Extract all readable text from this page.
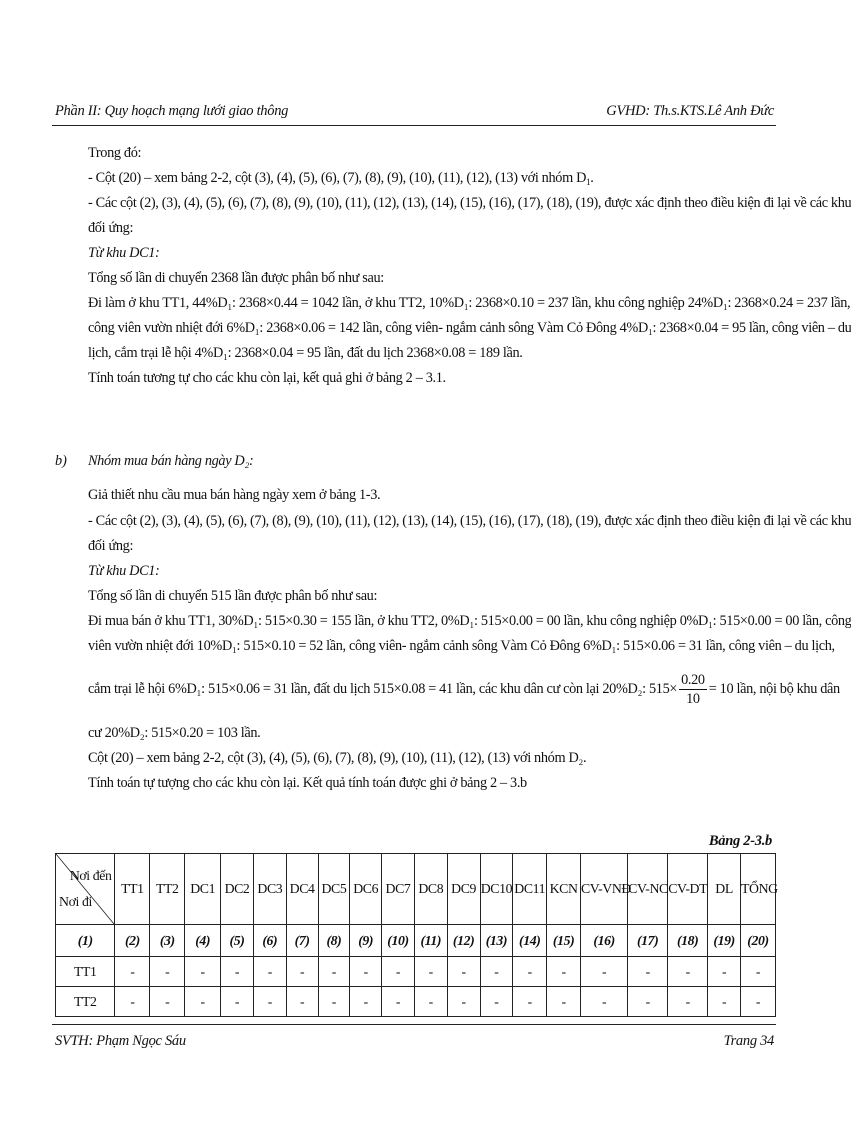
Phần II: Quy hoạch mạng lưới giao thông	GVHD: Th.s.KTS.Lê Anh Đức
Trong đó:
- Cột (20) – xem bảng 2-2, cột (3), (4), (5), (6), (7), (8), (9), (10), (11), (12), (13) với nhóm $D_1$.
- Các cột (2), (3), (4), (5), (6), (7), (8), (9), (10), (11), (12), (13), (14), (15), (16), (17), (18), (19), được xác định theo điều kiện đi lại về các khu
đối ứng:
Từ khu DC1:
Tổng số lần di chuyển 2368 lần được phân bố như sau:
Đi làm ở khu TT1, 44%D₁: 2368×0.44 = 1042 lần, ở khu TT2, 10%D₁: 2368×0.10 = 237 lần, khu công nghiệp 24%D₁: 2368×0.24 = 237 lần,
công viên vườn nhiệt đới 6%D₁: 2368×0.06 = 142 lần, công viên- ngắm cảnh sông Vàm Cỏ Đông 4%D₁: 2368×0.04 = 95 lần, công viên – du
lịch, cắm trại lễ hội 4%D₁: 2368×0.04 = 95 lần, đất du lịch 2368×0.08 = 189 lần.
Tính toán tương tự cho các khu còn lại, kết quả ghi ở bảng 2 – 3.1.
Nhóm mua bán hàng ngày D₂:
Giả thiết nhu cầu mua bán hàng ngày xem ở bảng 1-3.
- Các cột (2), (3), (4), (5), (6), (7), (8), (9), (10), (11), (12), (13), (14), (15), (16), (17), (18), (19), được xác định theo điều kiện đi lại về các khu
đối ứng:
Từ khu DC1:
Tổng số lần di chuyển 515 lần được phân bố như sau:
Đi mua bán ở khu TT1, 30%D₁: 515×0.30 = 155 lần, ở khu TT2, 0%D₁: 515×0.00 = 00 lần, khu công nghiệp 0%D₁: 515×0.00 = 00 lần, công
viên vườn nhiệt đới 10%D₁: 515×0.10 = 52 lần, công viên- ngắm cảnh sông Vàm Cỏ Đông 6%D₁: 515×0.06 = 31 lần, công viên – du lịch,
cắm trại lễ hội 6%D₁: 515×0.06 = 31 lần, đất du lịch 515×0.08 = 41 lần, các khu dân cư còn lại 20%D₂: $515\times \frac{0.20}{10} = 10$ lần, nội bộ khu dân
cư 20%D₂: 515×0.20 = 103 lần.
Cột (20) – xem bảng 2-2, cột (3), (4), (5), (6), (7), (8), (9), (10), (11), (12), (13) với nhóm D₂.
Tính toán tự tượng cho các khu còn lại. Kết quả tính toán được ghi ở bảng 2 – 3.b
b)
Bảng 2-3.b
Nơi đến
Nơi đi	TT1	TT2	DC1	DC2	DC3	DC4	DC5	DC6	DC7	DC8	DC9	DC10	DC11	KCN	CV-VNĐ	CV-NC	CV-DT	DL	TỔNG
(1)	(2)	(3)	(4)	(5)	(6)	(7)	(8)	(9)	(10)	(11)	(12)	(13)	(14)	(15)	(16)	(17)	(18)	(19)	(20)
TT1	-	-	-	-	-	-	-	-	-	-	-	-	-	-	-	-	-	-	-
TT2	-	-	-	-	-	-	-	-	-	-	-	-	-	-	-	-	-	-	-
SVTH: Phạm Ngọc Sáu	Trang 34
